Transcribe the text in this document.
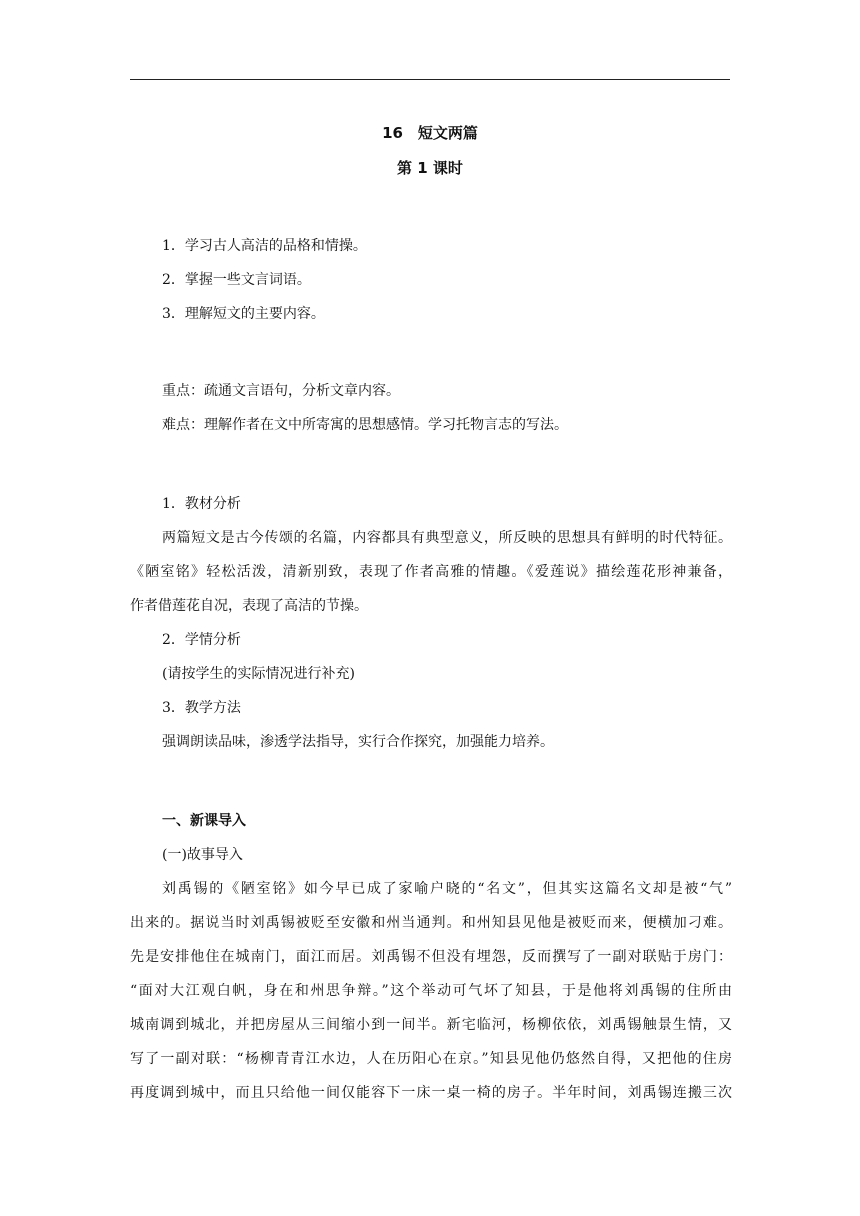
16　短文两篇
第 1 课时
1．学习古人高洁的品格和情操。
2．掌握一些文言词语。
3．理解短文的主要内容。
重点：疏通文言语句，分析文章内容。
难点：理解作者在文中所寄寓的思想感情。学习托物言志的写法。
1．教材分析
两篇短文是古今传颂的名篇，内容都具有典型意义，所反映的思想具有鲜明的时代特征。
《陋室铭》轻松活泼，清新别致，表现了作者高雅的情趣。《爱莲说》描绘莲花形神兼备，
作者借莲花自况，表现了高洁的节操。
2．学情分析
(请按学生的实际情况进行补充)
3．教学方法
强调朗读品味，渗透学法指导，实行合作探究，加强能力培养。
一、新课导入
(一)故事导入
刘禹锡的《陋室铭》如今早已成了家喻户晓的“名文”，但其实这篇名文却是被“气”
出来的。据说当时刘禹锡被贬至安徽和州当通判。和州知县见他是被贬而来，便横加刁难。
先是安排他住在城南门，面江而居。刘禹锡不但没有埋怨，反而撰写了一副对联贴于房门：
“面对大江观白帆，身在和州思争辩。”这个举动可气坏了知县，于是他将刘禹锡的住所由
城南调到城北，并把房屋从三间缩小到一间半。新宅临河，杨柳依依，刘禹锡触景生情，又
写了一副对联：“杨柳青青江水边，人在历阳心在京。”知县见他仍悠然自得，又把他的住房
再度调到城中，而且只给他一间仅能容下一床一桌一椅的房子。半年时间，刘禹锡连搬三次
